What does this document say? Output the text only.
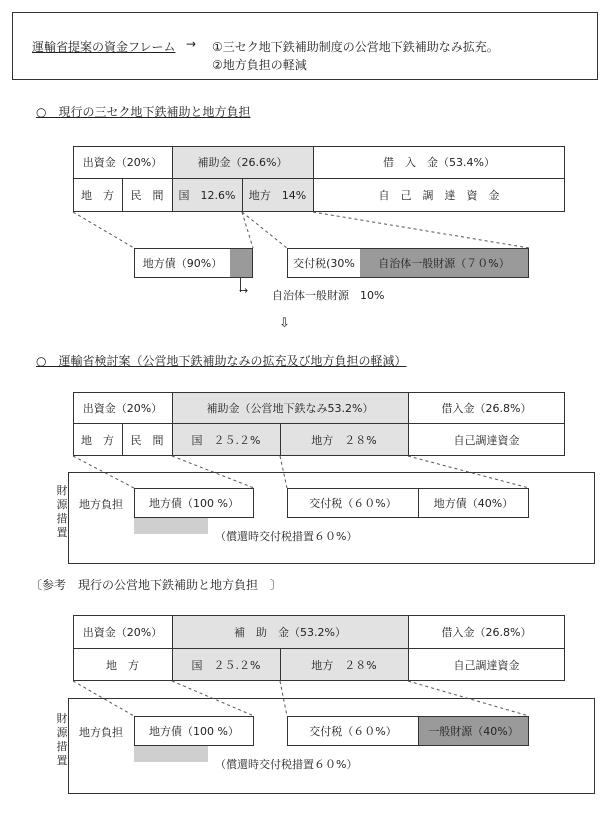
運輸省提案の資金フレーム → ①三セク地下鉄補助制度の公営地下鉄補助なみ拡充。
②地方負担の軽減
○　現行の三セク地下鉄補助と地方負担
出資金（20%）	補助金（26.6%）	借　入　金（53.4%）
地　方	民　間	国　12.6%	地方　14%	自　己　調　達　資　金
地方債（90%）	交付税(30%	自治体一般財源（７０%）
→ 自治体一般財源　10%
⇩
○　運輸省検討案（公営地下鉄補助なみの拡充及び地方負担の軽減）
出資金（20%）	補助金（公営地下鉄なみ53.2%）	借入金（26.8%）
地　方	民　間	国　２５.２%	地方　２８%	自己調達資金
財
源
措
置
地方負担	地方債（100 %）	交付税（６０%）	地方債（40%）
（償還時交付税措置６０%）
〔参考　現行の公営地下鉄補助と地方負担　〕
出資金（20%）	補　助　金（53.2%）	借入金（26.8%）
地　方	国　２５.２%	地方　２８%	自己調達資金
財
源
措
置
地方負担	地方債（100 %）	交付税（６０%）	一般財源（40%）
（償還時交付税措置６０%）
